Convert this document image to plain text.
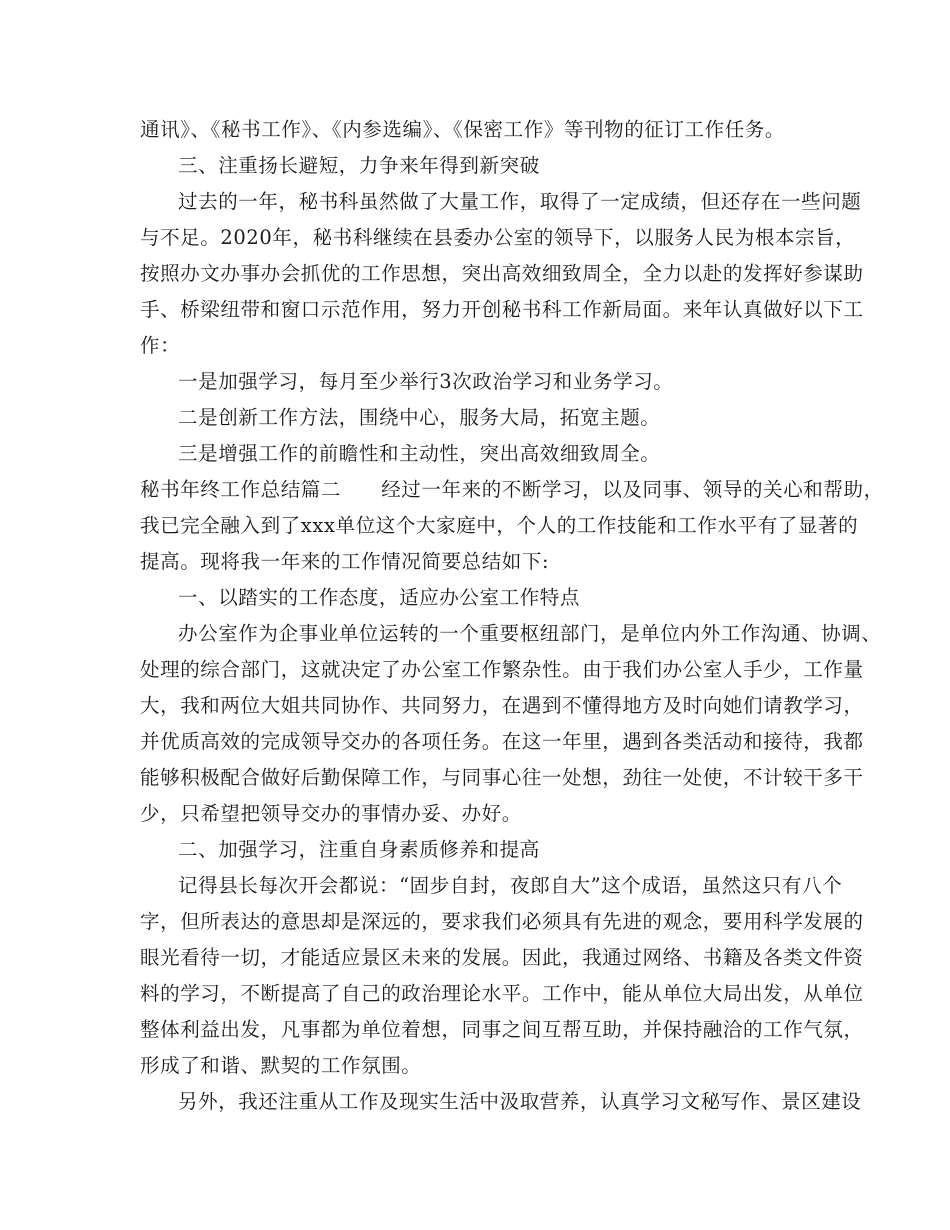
通讯》、《秘书工作》、《内参选编》、《保密工作》等刊物的征订工作任务。
三、注重扬长避短，力争来年得到新突破
过去的一年，秘书科虽然做了大量工作，取得了一定成绩，但还存在一些问题
与不足。2020年，秘书科继续在县委办公室的领导下，以服务人民为根本宗旨，
按照办文办事办会抓优的工作思想，突出高效细致周全，全力以赴的发挥好参谋助
手、桥梁纽带和窗口示范作用，努力开创秘书科工作新局面。来年认真做好以下工
作：
一是加强学习，每月至少举行3次政治学习和业务学习。
二是创新工作方法，围绕中心，服务大局，拓宽主题。
三是增强工作的前瞻性和主动性，突出高效细致周全。
秘书年终工作总结篇二　　经过一年来的不断学习，以及同事、领导的关心和帮助，
我已完全融入到了xxx单位这个大家庭中，个人的工作技能和工作水平有了显著的
提高。现将我一年来的工作情况简要总结如下:
一、以踏实的工作态度，适应办公室工作特点
办公室作为企事业单位运转的一个重要枢纽部门，是单位内外工作沟通、协调、
处理的综合部门，这就决定了办公室工作繁杂性。由于我们办公室人手少，工作量
大，我和两位大姐共同协作、共同努力，在遇到不懂得地方及时向她们请教学习，
并优质高效的完成领导交办的各项任务。在这一年里，遇到各类活动和接待，我都
能够积极配合做好后勤保障工作，与同事心往一处想，劲往一处使，不计较干多干
少，只希望把领导交办的事情办妥、办好。
二、加强学习，注重自身素质修养和提高
记得县长每次开会都说：“固步自封，夜郎自大”这个成语，虽然这只有八个
字，但所表达的意思却是深远的，要求我们必须具有先进的观念，要用科学发展的
眼光看待一切，才能适应景区未来的发展。因此，我通过网络、书籍及各类文件资
料的学习，不断提高了自己的政治理论水平。工作中，能从单位大局出发，从单位
整体利益出发，凡事都为单位着想，同事之间互帮互助，并保持融洽的工作气氛，
形成了和谐、默契的工作氛围。
另外，我还注重从工作及现实生活中汲取营养，认真学习文秘写作、景区建设
